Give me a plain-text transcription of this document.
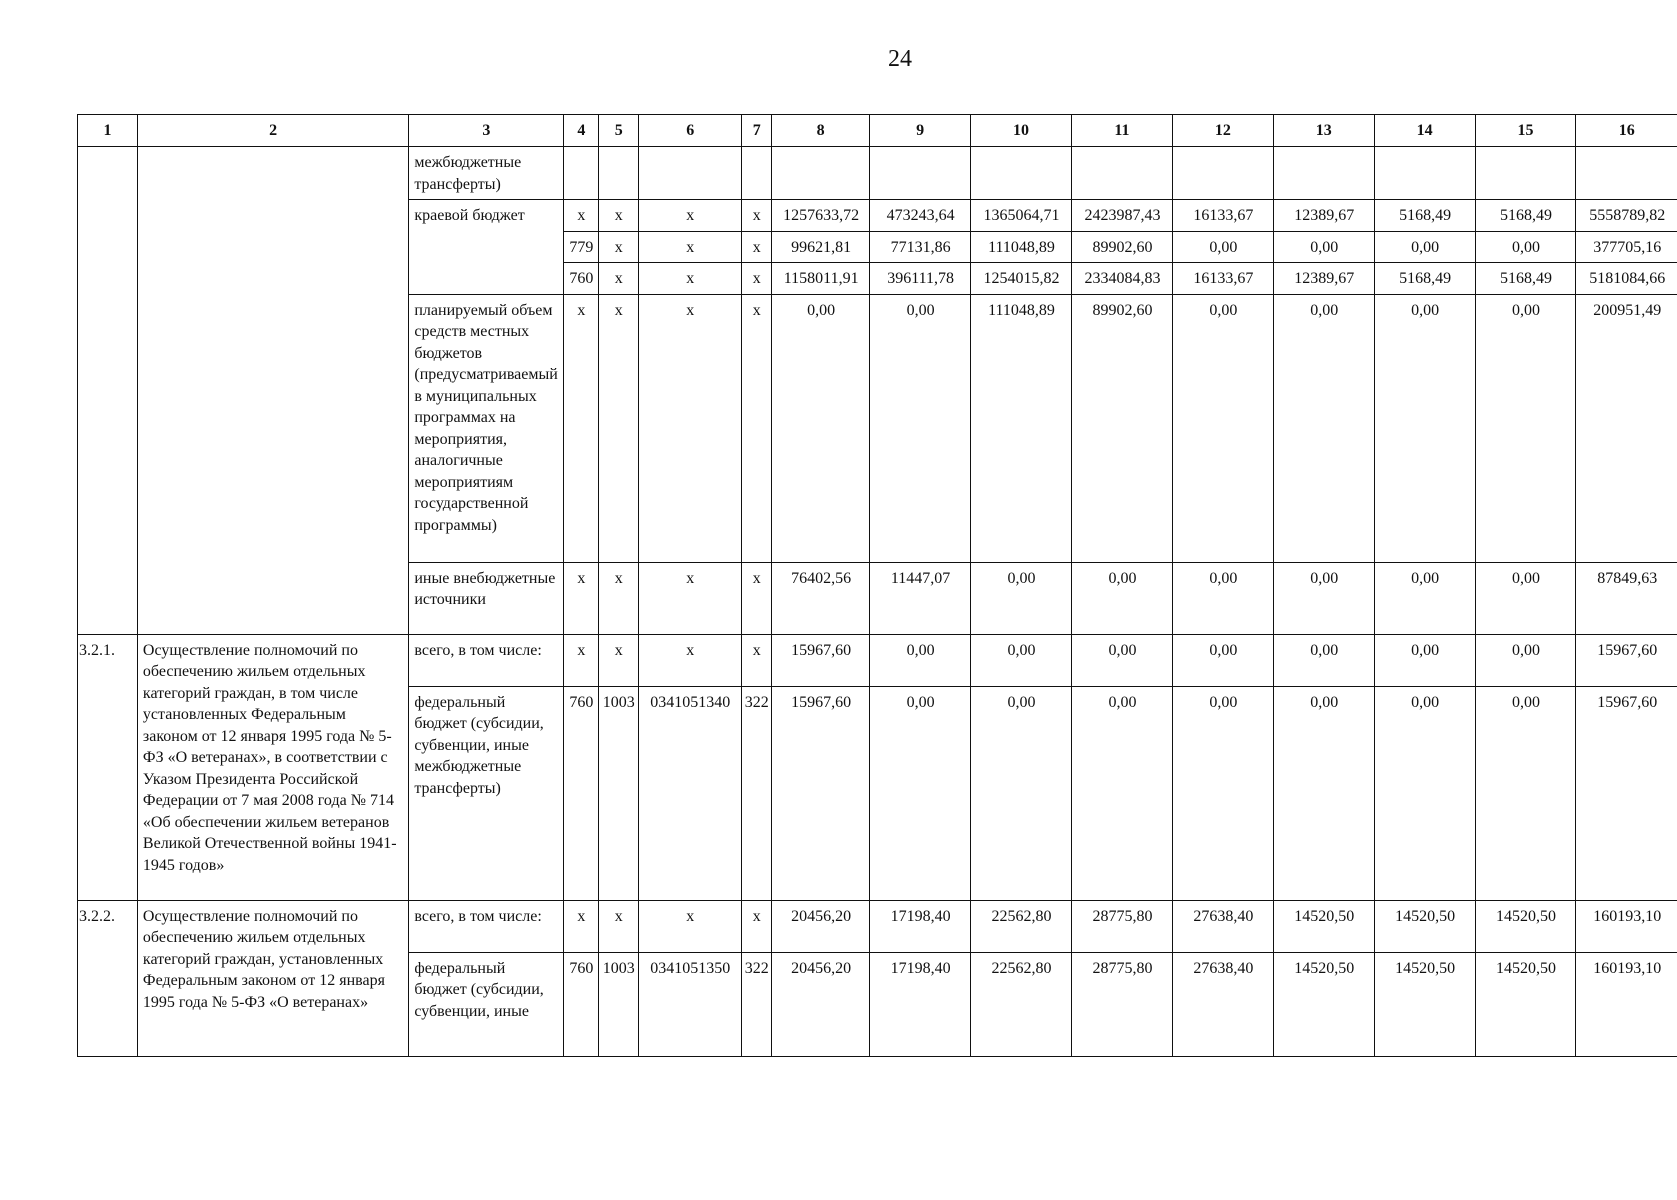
24
1	2	3	4	5	6	7	8	9	10	11	12	13	14	15	16
		межбюджетные трансферты)													
		краевой бюджет	x	x	x	x	1257633,72	473243,64	1365064,71	2423987,43	16133,67	12389,67	5168,49	5168,49	5558789,82
			779	x	x	x	99621,81	77131,86	111048,89	89902,60	0,00	0,00	0,00	0,00	377705,16
			760	x	x	x	1158011,91	396111,78	1254015,82	2334084,83	16133,67	12389,67	5168,49	5168,49	5181084,66
		планируемый объем средств местных бюджетов (предусматриваемый в муниципальных программах на мероприятия, аналогичные мероприятиям государственной программы)	x	x	x	x	0,00	0,00	111048,89	89902,60	0,00	0,00	0,00	0,00	200951,49
		иные внебюджетные источники	x	x	x	x	76402,56	11447,07	0,00	0,00	0,00	0,00	0,00	0,00	87849,63
3.2.1.	Осуществление полномочий по обеспечению жильем отдельных категорий граждан, в том числе установленных Федеральным законом от 12 января 1995 года № 5-ФЗ «О ветеранах», в соответствии с Указом Президента Российской Федерации от 7 мая 2008 года № 714 «Об обеспечении жильем ветеранов Великой Отечественной войны 1941-1945 годов»	всего, в том числе:	x	x	x	x	15967,60	0,00	0,00	0,00	0,00	0,00	0,00	0,00	15967,60
		федеральный бюджет (субсидии, субвенции, иные межбюджетные трансферты)	760	1003	0341051340	322	15967,60	0,00	0,00	0,00	0,00	0,00	0,00	0,00	15967,60
3.2.2.	Осуществление полномочий по обеспечению жильем отдельных категорий граждан, установленных Федеральным законом от 12 января 1995 года № 5-ФЗ «О ветеранах»	всего, в том числе:	x	x	x	x	20456,20	17198,40	22562,80	28775,80	27638,40	14520,50	14520,50	14520,50	160193,10
		федеральный бюджет (субсидии, субвенции, иные	760	1003	0341051350	322	20456,20	17198,40	22562,80	28775,80	27638,40	14520,50	14520,50	14520,50	160193,10
